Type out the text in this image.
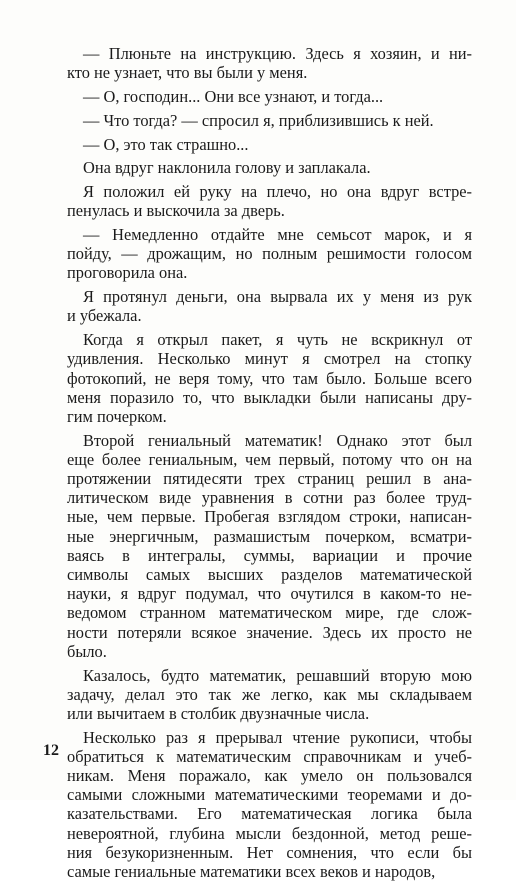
— Плюньте на инструкцию. Здесь я хозяин, и ни-
кто не узнает, что вы были у меня.
— О, господин... Они все узнают, и тогда...
— Что тогда? — спросил я, приблизившись к ней.
— О, это так страшно...
Она вдруг наклонила голову и заплакала.
Я положил ей руку на плечо, но она вдруг встре-
пенулась и выскочила за дверь.
— Немедленно отдайте мне семьсот марок, и я
пойду, — дрожащим, но полным решимости голосом
проговорила она.
Я протянул деньги, она вырвала их у меня из рук
и убежала.
Когда я открыл пакет, я чуть не вскрикнул от
удивления. Несколько минут я смотрел на стопку
фотокопий, не веря тому, что там было. Больше всего
меня поразило то, что выкладки были написаны дру-
гим почерком.
Второй гениальный математик! Однако этот был
еще более гениальным, чем первый, потому что он на
протяжении пятидесяти трех страниц решил в ана-
литическом виде уравнения в сотни раз более труд-
ные, чем первые. Пробегая взглядом строки, написан-
ные энергичным, размашистым почерком, всматри-
ваясь в интегралы, суммы, вариации и прочие
символы самых высших разделов математической
науки, я вдруг подумал, что очутился в каком-то не-
ведомом странном математическом мире, где слож-
ности потеряли всякое значение. Здесь их просто не
было.
Казалось, будто математик, решавший вторую мою
задачу, делал это так же легко, как мы складываем
или вычитаем в столбик двузначные числа.
Несколько раз я прерывал чтение рукописи, чтобы
обратиться к математическим справочникам и учеб-
никам. Меня поражало, как умело он пользовался
самыми сложными математическими теоремами и до-
казательствами. Его математическая логика была
невероятной, глубина мысли бездонной, метод реше-
ния безукоризненным. Нет сомнения, что если бы
самые гениальные математики всех веков и народов,
12
